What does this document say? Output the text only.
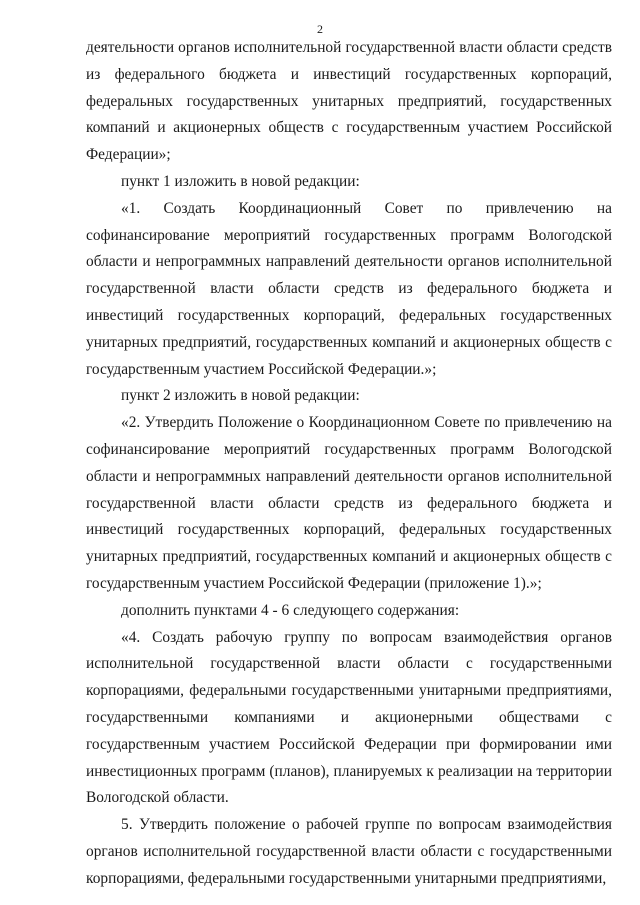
2

деятельности органов исполнительной государственной власти области средств из федерального бюджета и инвестиций государственных корпораций, федеральных государственных унитарных предприятий, государственных компаний и акционерных обществ с государственным участием Российской Федерации»;

пункт 1 изложить в новой редакции:

«1. Создать Координационный Совет по привлечению на софинансирование мероприятий государственных программ Вологодской области и непрограммных направлений деятельности органов исполнительной государственной власти области средств из федерального бюджета и инвестиций государственных корпораций, федеральных государственных унитарных предприятий, государственных компаний и акционерных обществ с государственным участием Российской Федерации.»;

пункт 2 изложить в новой редакции:

«2. Утвердить Положение о Координационном Совете по привлечению на софинансирование мероприятий государственных программ Вологодской области и непрограммных направлений деятельности органов исполнительной государственной власти области средств из федерального бюджета и инвестиций государственных корпораций, федеральных государственных унитарных предприятий, государственных компаний и акционерных обществ с государственным участием Российской Федерации (приложение 1).»;

дополнить пунктами 4 - 6 следующего содержания:

«4. Создать рабочую группу по вопросам взаимодействия органов исполнительной государственной власти области с государственными корпорациями, федеральными государственными унитарными предприятиями, государственными компаниями и акционерными обществами с государственным участием Российской Федерации при формировании ими инвестиционных программ (планов), планируемых к реализации на территории Вологодской области.

5. Утвердить положение о рабочей группе по вопросам взаимодействия органов исполнительной государственной власти области с государственными корпорациями, федеральными государственными унитарными предприятиями,
